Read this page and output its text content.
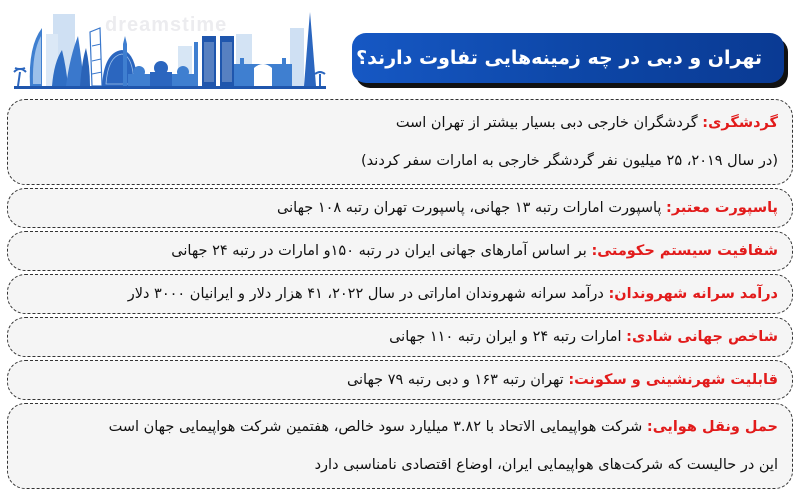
dreamstime
تهران و دبی در چه زمینه‌هایی تفاوت دارند؟
گردشگری: گردشگران خارجی دبی بسیار بیشتر از تهران است
(در سال ۲۰۱۹، ۲۵ میلیون نفر گردشگر خارجی به امارات سفر کردند)
پاسپورت معتبر: پاسپورت امارات رتبه ۱۳ جهانی، پاسپورت تهران رتبه ۱۰۸ جهانی
شفافیت سیستم حکومتی: بر اساس آمارهای جهانی ایران در رتبه ۱۵۰و امارات در رتبه ۲۴ جهانی
درآمد سرانه شهروندان: درآمد سرانه شهروندان اماراتی در سال ۲۰۲۲، ۴۱ هزار دلار و ایرانیان ۳۰۰۰ دلار
شاخص جهانی شادی: امارات رتبه ۲۴ و ایران رتبه ۱۱۰ جهانی
قابلیت شهرنشینی و سکونت: تهران رتبه ۱۶۳ و دبی رتبه ۷۹ جهانی
حمل ونقل هوایی: شرکت هواپیمایی الاتحاد با ۳.۸۲ میلیارد سود خالص، هفتمین شرکت هواپیمایی جهان است
این در حالیست که شرکت‌های هواپیمایی ایران، اوضاع اقتصادی نامناسبی دارد
